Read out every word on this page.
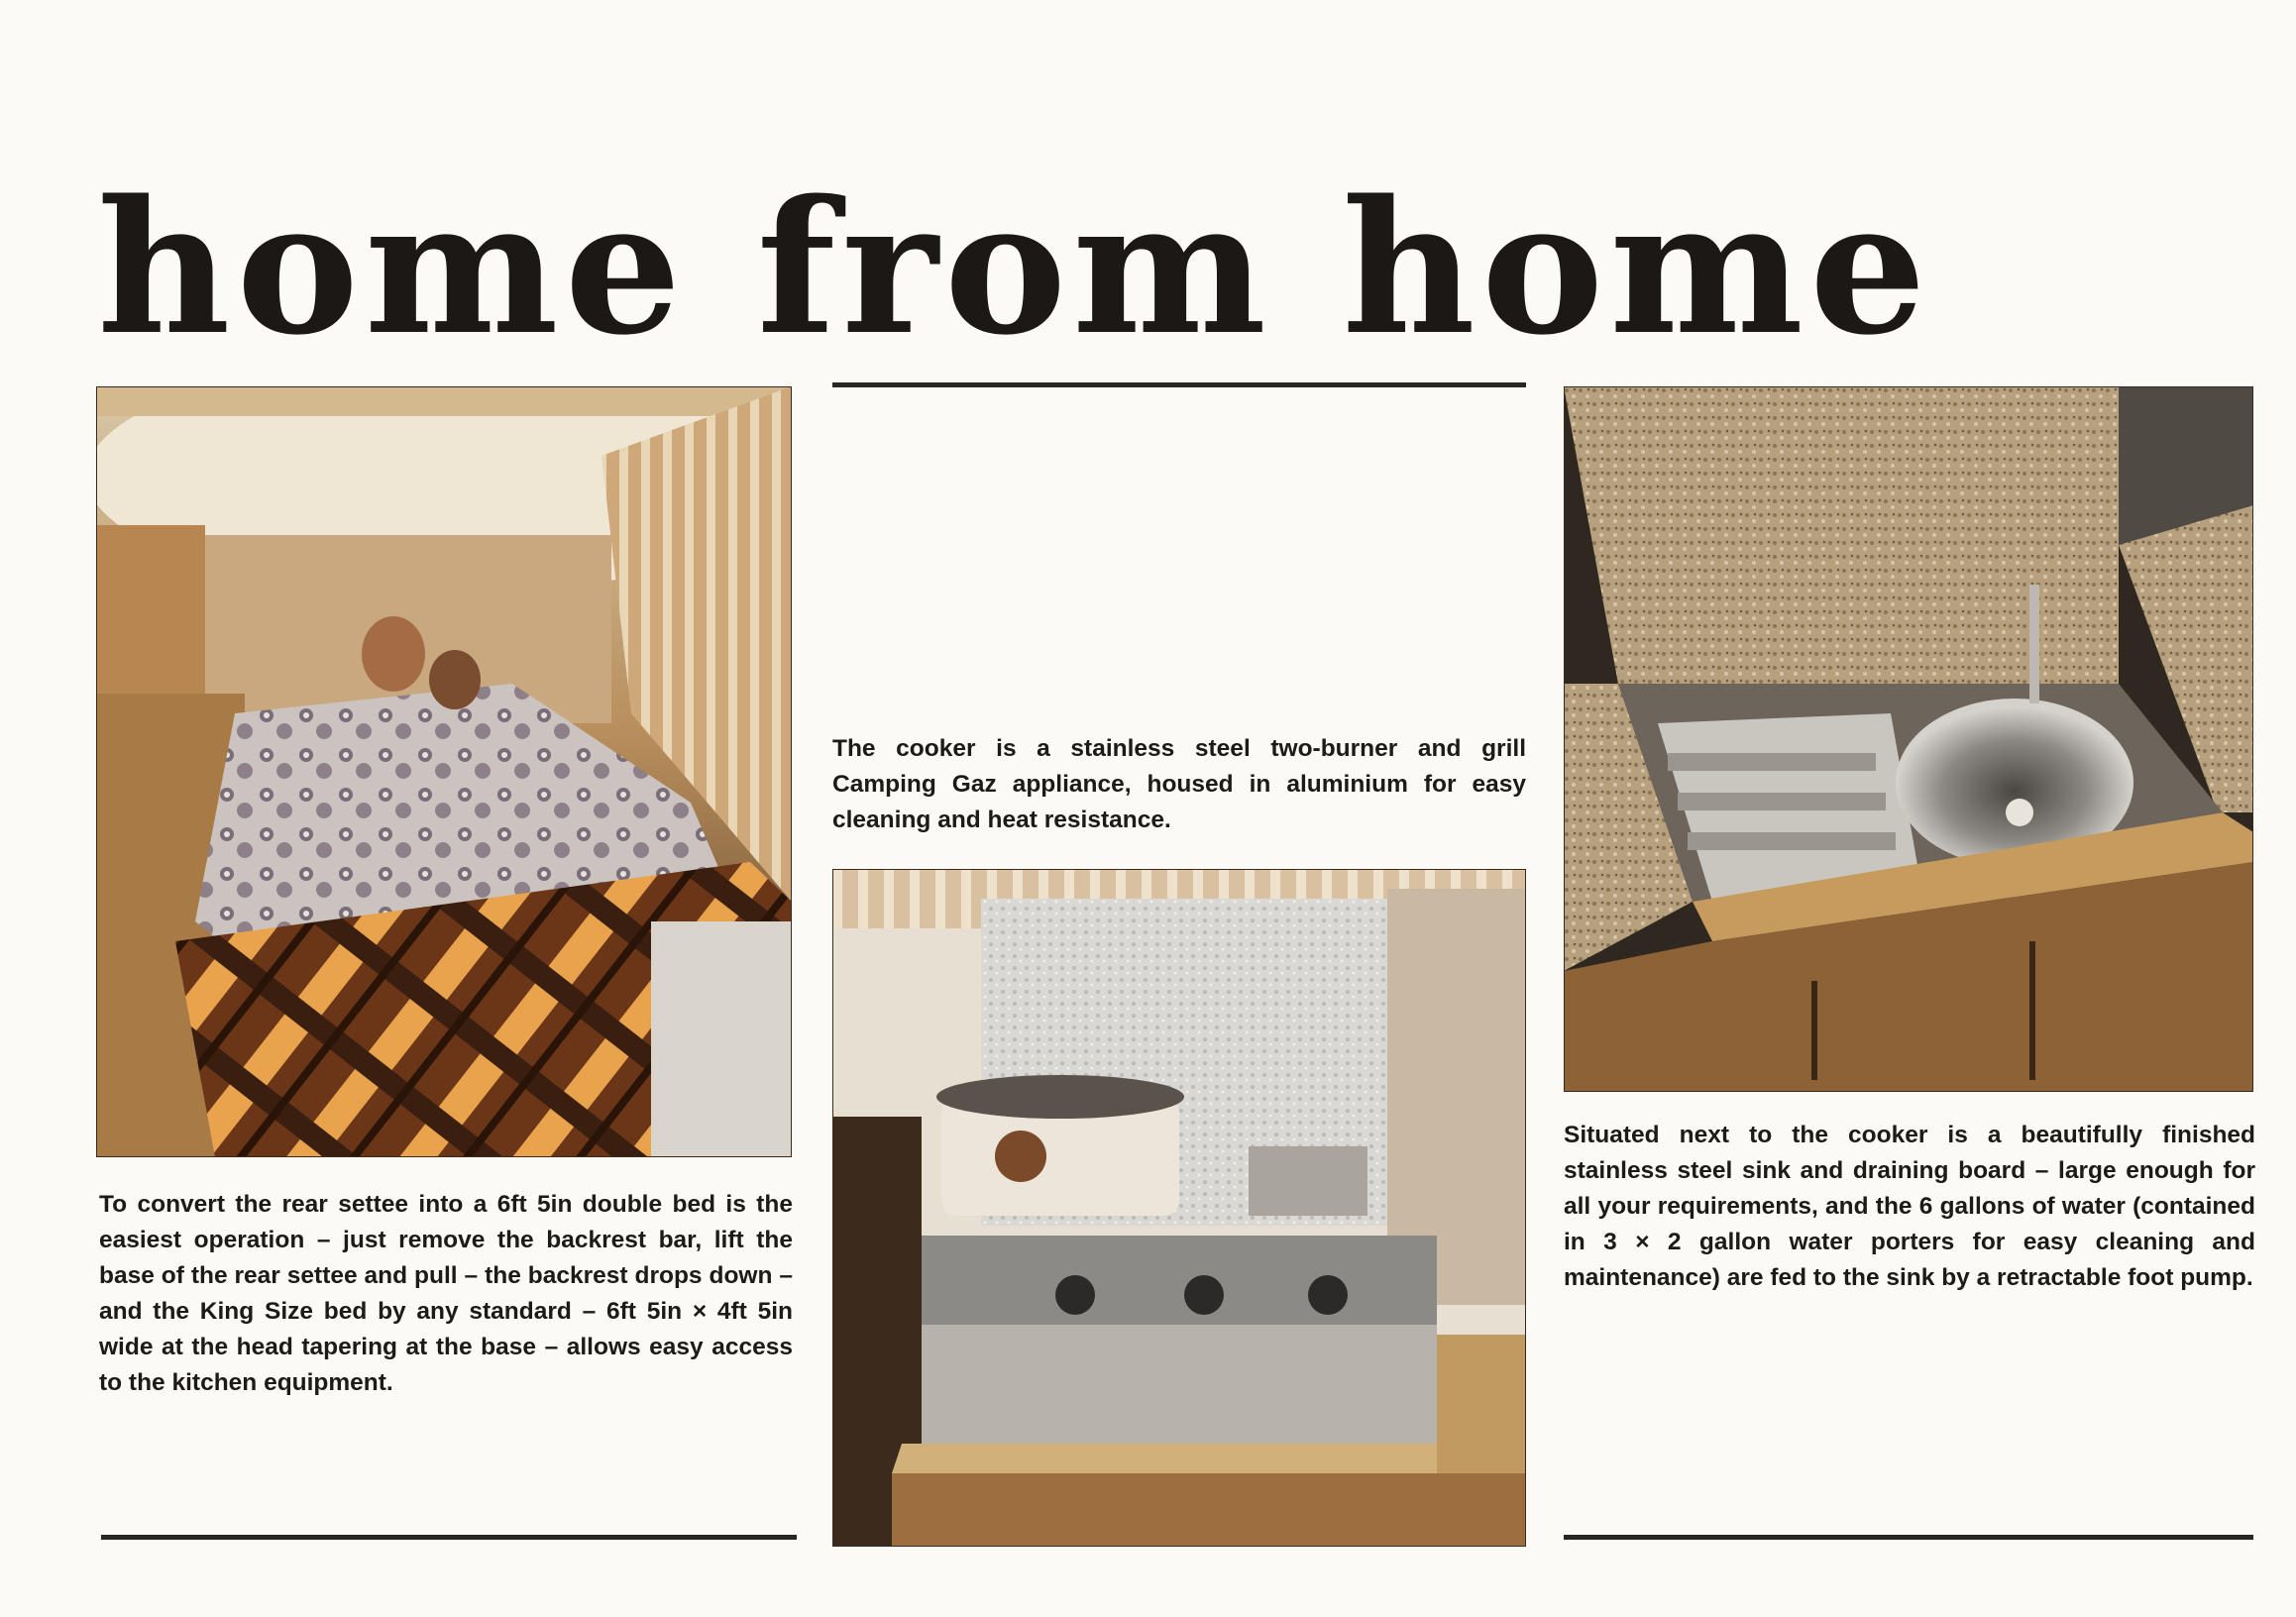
home from home
The cooker is a stainless steel two-burner and grill Camping Gaz appliance, housed in aluminium for easy cleaning and heat resistance.
To convert the rear settee into a 6ft 5in double bed is the easiest operation – just remove the backrest bar, lift the base of the rear settee and pull – the backrest drops down – and the King Size bed by any standard – 6ft 5in × 4ft 5in wide at the head tapering at the base – allows easy access to the kitchen equipment.
Situated next to the cooker is a beautifully finished stainless steel sink and draining board – large enough for all your requirements, and the 6 gallons of water (contained in 3 × 2 gallon water porters for easy cleaning and maintenance) are fed to the sink by a retractable foot pump.
